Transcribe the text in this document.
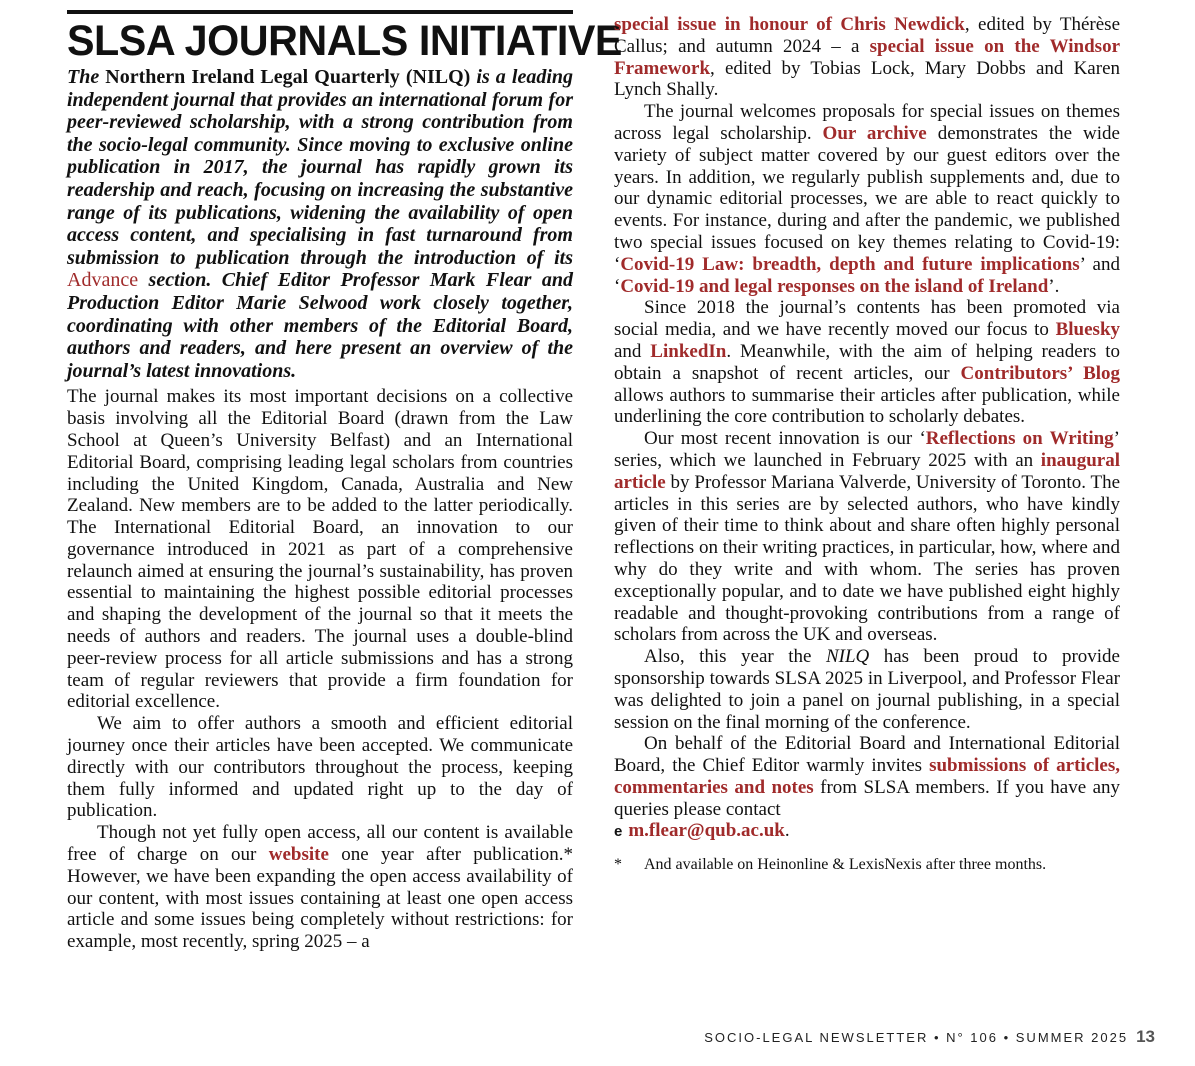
SLSA JOURNALS INITIATIVE

The Northern Ireland Legal Quarterly (NILQ) is a leading independent journal that provides an international forum for peer-reviewed scholarship, with a strong contribution from the socio-legal community. Since moving to exclusive online publication in 2017, the journal has rapidly grown its readership and reach, focusing on increasing the substantive range of its publications, widening the availability of open access content, and specialising in fast turnaround from submission to publication through the introduction of its Advance section. Chief Editor Professor Mark Flear and Production Editor Marie Selwood work closely together, coordinating with other members of the Editorial Board, authors and readers, and here present an overview of the journal’s latest innovations.

The journal makes its most important decisions on a collective basis involving all the Editorial Board (drawn from the Law School at Queen’s University Belfast) and an International Editorial Board, comprising leading legal scholars from countries including the United Kingdom, Canada, Australia and New Zealand. New members are to be added to the latter periodically. The International Editorial Board, an innovation to our governance introduced in 2021 as part of a comprehensive relaunch aimed at ensuring the journal’s sustainability, has proven essential to maintaining the highest possible editorial processes and shaping the development of the journal so that it meets the needs of authors and readers. The journal uses a double-blind peer-review process for all article submissions and has a strong team of regular reviewers that provide a firm foundation for editorial excellence.

We aim to offer authors a smooth and efficient editorial journey once their articles have been accepted. We communicate directly with our contributors throughout the process, keeping them fully informed and updated right up to the day of publication.

Though not yet fully open access, all our content is available free of charge on our website one year after publication.* However, we have been expanding the open access availability of our content, with most issues containing at least one open access article and some issues being completely without restrictions: for example, most recently, spring 2025 – a

special issue in honour of Chris Newdick, edited by Thérèse Callus; and autumn 2024 – a special issue on the Windsor Framework, edited by Tobias Lock, Mary Dobbs and Karen Lynch Shally.

The journal welcomes proposals for special issues on themes across legal scholarship. Our archive demonstrates the wide variety of subject matter covered by our guest editors over the years. In addition, we regularly publish supplements and, due to our dynamic editorial processes, we are able to react quickly to events. For instance, during and after the pandemic, we published two special issues focused on key themes relating to Covid-19: ‘Covid-19 Law: breadth, depth and future implications’ and ‘Covid-19 and legal responses on the island of Ireland’.

Since 2018 the journal’s contents has been promoted via social media, and we have recently moved our focus to Bluesky and LinkedIn. Meanwhile, with the aim of helping readers to obtain a snapshot of recent articles, our Contributors’ Blog allows authors to summarise their articles after publication, while underlining the core contribution to scholarly debates.

Our most recent innovation is our ‘Reflections on Writing’ series, which we launched in February 2025 with an inaugural article by Professor Mariana Valverde, University of Toronto. The articles in this series are by selected authors, who have kindly given of their time to think about and share often highly personal reflections on their writing practices, in particular, how, where and why do they write and with whom. The series has proven exceptionally popular, and to date we have published eight highly readable and thought-provoking contributions from a range of scholars from across the UK and overseas.

Also, this year the NILQ has been proud to provide sponsorship towards SLSA 2025 in Liverpool, and Professor Flear was delighted to join a panel on journal publishing, in a special session on the final morning of the conference.

On behalf of the Editorial Board and International Editorial Board, the Chief Editor warmly invites submissions of articles, commentaries and notes from SLSA members. If you have any queries please contact
e m.flear@qub.ac.uk.

*	And available on Heinonline & LexisNexis after three months.
SOCIO-LEGAL NEWSLETTER • N° 106 • SUMMER 2025 13
